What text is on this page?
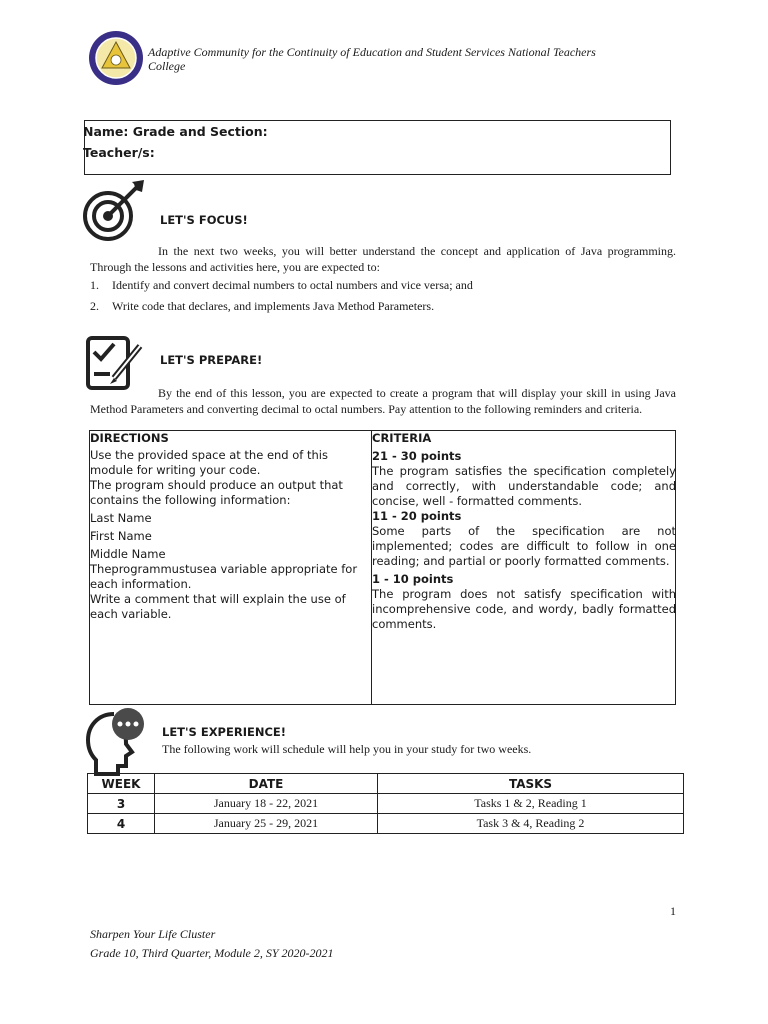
Adaptive Community for the Continuity of Education and Student Services National Teachers College
Name: Grade and Section:
Teacher/s:
LET'S FOCUS!
In the next two weeks, you will better understand the concept and application of Java programming. Through the lessons and activities here, you are expected to:
1. Identify and convert decimal numbers to octal numbers and vice versa; and
2. Write code that declares, and implements Java Method Parameters.
LET'S PREPARE!
By the end of this lesson, you are expected to create a program that will display your skill in using Java Method Parameters and converting decimal to octal numbers. Pay attention to the following reminders and criteria.
DIRECTIONS
Use the provided space at the end of this module for writing your code.
The program should produce an output that contains the following information:
Last Name
First Name
Middle Name
Theprogrammustusea variable appropriate for each information.
Write a comment that will explain the use of each variable.
CRITERIA
21 - 30 points
The program satisfies the specification completely and correctly, with understandable code; and concise, well - formatted comments.
11 - 20 points
Some parts of the specification are not implemented; codes are difficult to follow in one reading; and partial or poorly formatted comments.
1 - 10 points
The program does not satisfy specification with incomprehensive code, and wordy, badly formatted comments.
LET'S EXPERIENCE!
The following work will schedule will help you in your study for two weeks.
WEEK	DATE	TASKS
3	January 18 - 22, 2021	Tasks 1 & 2, Reading 1
4	January 25 - 29, 2021	Task 3 & 4, Reading 2
1
Sharpen Your Life Cluster
Grade 10, Third Quarter, Module 2, SY 2020-2021
